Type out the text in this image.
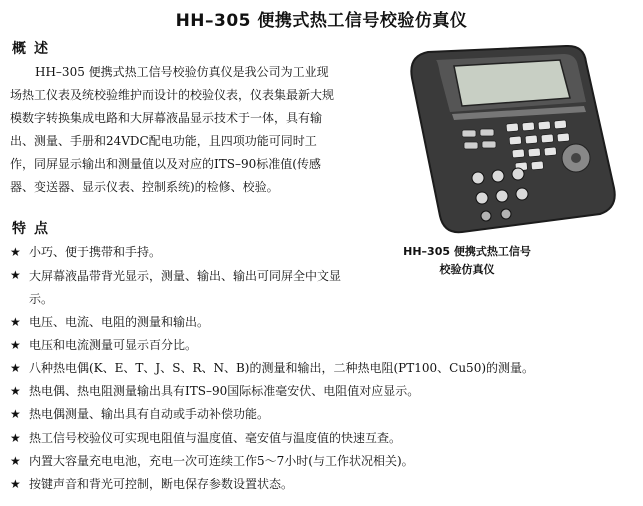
HH–305 便携式热工信号校验仿真仪
概述

HH–305 便携式热工信号校验仿真仪是我公司为工业现场热工仪表及统校验维护而设计的校验仪表，仪表集最新大规模数字转换集成电路和大屏幕液晶显示技术于一体，具有输出、测量、手册和24VDC配电功能，且四项功能可同时工作，同屏显示输出和测量值以及对应的ITS–90标准值(传感器、变送器、显示仪表、控制系统)的检修、校验。

特点
★ 小巧、便于携带和手持。
★ 大屏幕液晶带背光显示，测量、输出、输出可同屏全中文显示。
★ 电压、电流、电阻的测量和输出。
★ 电压和电流测量可显示百分比。
★ 八种热电偶(K、E、T、J、S、R、N、B)的测量和输出，二种热电阻(PT100、Cu50)的测量。
★ 热电偶、热电阻测量输出具有ITS–90国际标准毫安伏、电阻值对应显示。
★ 热电偶测量、输出具有自动或手动补偿功能。
★ 热工信号校验仪可实现电阻值与温度值、毫安值与温度值的快速互查。
★ 内置大容量充电电池，充电一次可连续工作5～7小时(与工作状况相关)。
★ 按键声音和背光可控制，断电保存参数设置状态。
HH–305 便携式热工信号
校验仿真仪
